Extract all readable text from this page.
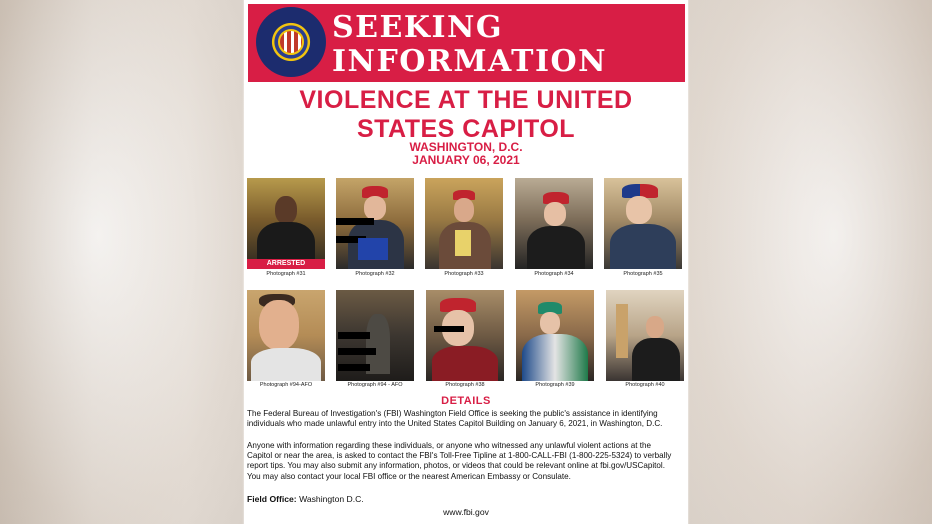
SEEKING
INFORMATION
VIOLENCE AT THE UNITED STATES CAPITOL
WASHINGTON, D.C.
JANUARY 06, 2021
ARRESTED
Photograph #31	Photograph #32	Photograph #33	Photograph #34	Photograph #35
Photograph #94-AFO	Photograph #94 - AFO	Photograph #38	Photograph #39	Photograph #40
DETAILS
The Federal Bureau of Investigation's (FBI) Washington Field Office is seeking the public's assistance in identifying individuals who made unlawful entry into the United States Capitol Building on January 6, 2021, in Washington, D.C.
Anyone with information regarding these individuals, or anyone who witnessed any unlawful violent actions at the Capitol or near the area, is asked to contact the FBI's Toll-Free Tipline at 1-800-CALL-FBI (1-800-225-5324) to verbally report tips. You may also submit any information, photos, or videos that could be relevant online at fbi.gov/USCapitol. You may also contact your local FBI office or the nearest American Embassy or Consulate.
Field Office: Washington D.C.
www.fbi.gov
